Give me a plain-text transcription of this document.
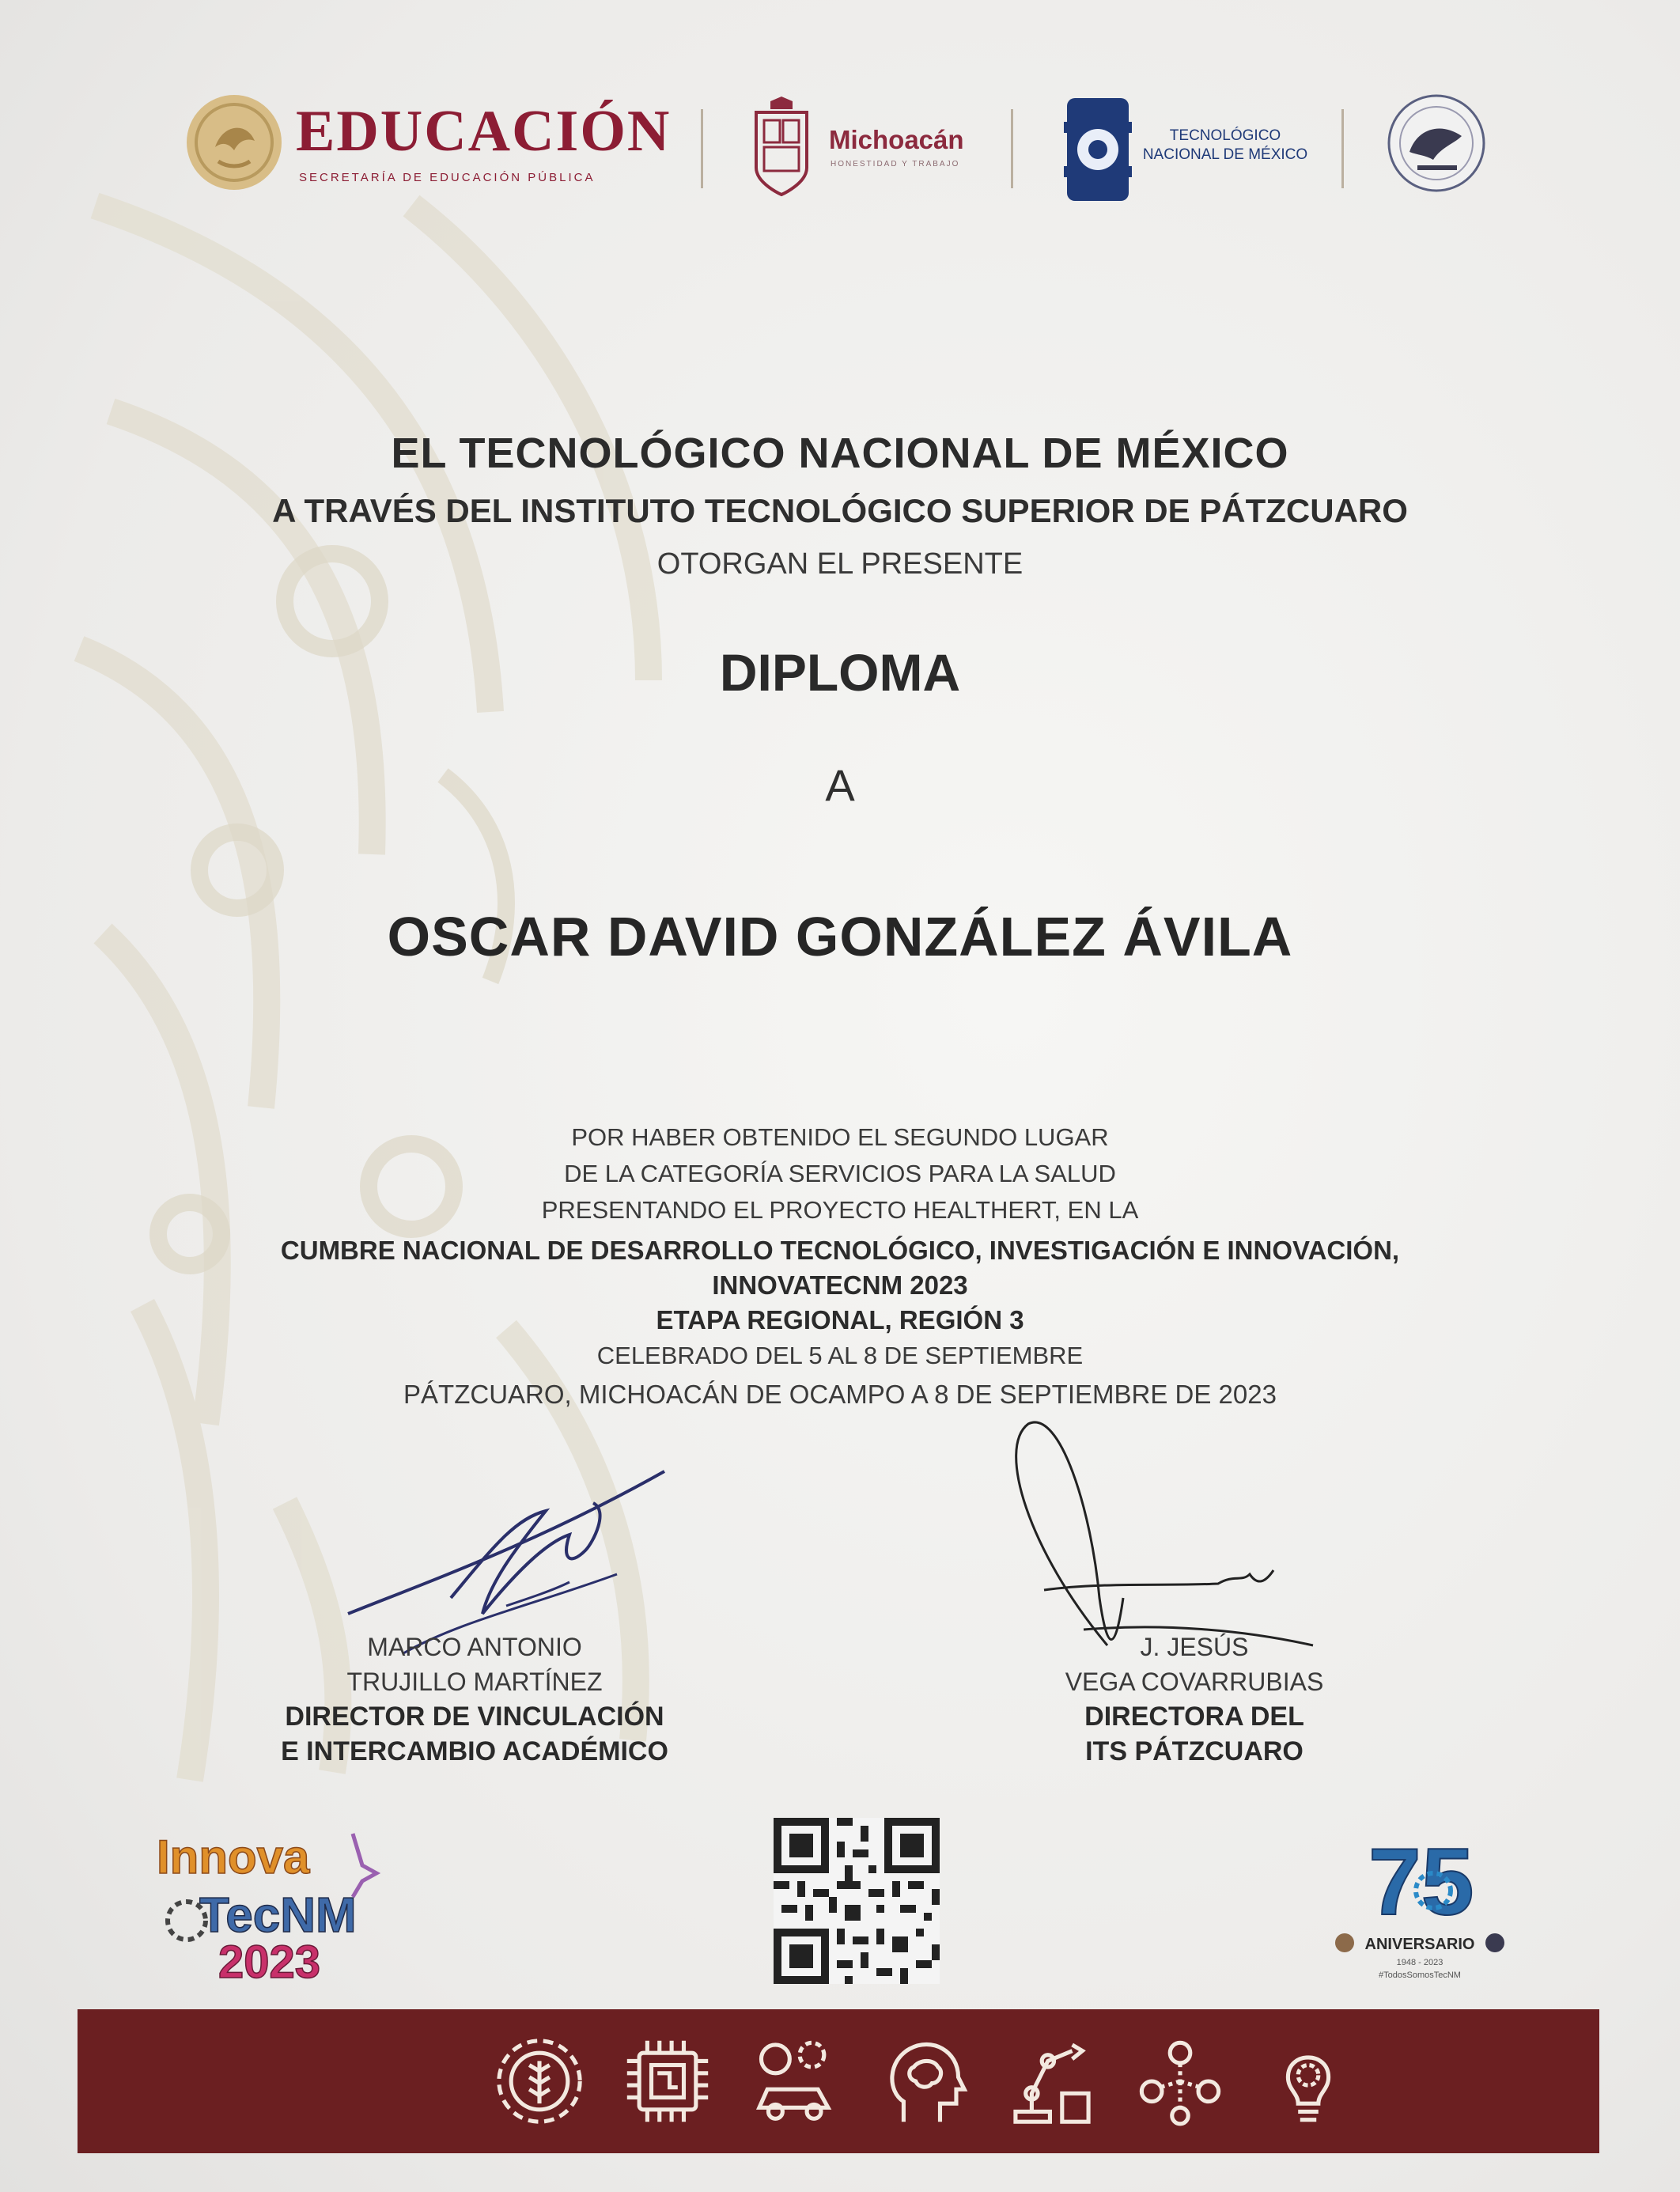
EDUCACIÓN
SECRETARÍA DE EDUCACIÓN PÚBLICA
Michoacán
HONESTIDAD Y TRABAJO
TECNOLÓGICO
NACIONAL DE MÉXICO
EL TECNOLÓGICO NACIONAL DE MÉXICO
A TRAVÉS DEL INSTITUTO TECNOLÓGICO SUPERIOR DE PÁTZCUARO
OTORGAN EL PRESENTE
DIPLOMA
A
OSCAR DAVID GONZÁLEZ ÁVILA
POR HABER OBTENIDO EL SEGUNDO LUGAR
DE LA CATEGORÍA SERVICIOS PARA LA SALUD
PRESENTANDO EL PROYECTO HEALTHERT, EN LA
CUMBRE NACIONAL DE DESARROLLO TECNOLÓGICO, INVESTIGACIÓN E INNOVACIÓN,
INNOVATECNM 2023
ETAPA REGIONAL, REGIÓN 3
CELEBRADO DEL 5 AL 8 DE SEPTIEMBRE
PÁTZCUARO, MICHOACÁN DE OCAMPO A 8 DE SEPTIEMBRE DE 2023
MARCO ANTONIO
TRUJILLO MARTÍNEZ
DIRECTOR DE VINCULACIÓN
E INTERCAMBIO ACADÉMICO
J. JESÚS
VEGA COVARRUBIAS
DIRECTORA DEL
ITS PÁTZCUARO
Innova
TecNM
2023
75
ANIVERSARIO
1948 - 2023
#TodosSomosTecNM
